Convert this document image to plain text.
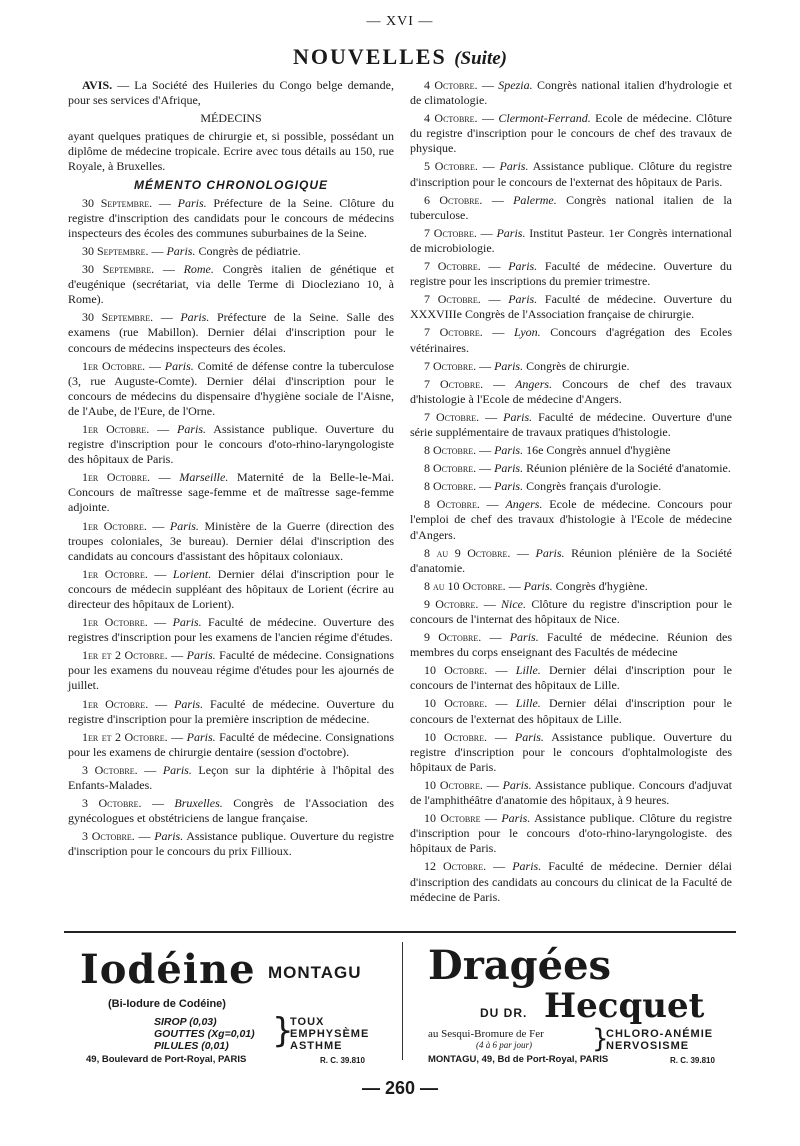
— XVI —
NOUVELLES (Suite)

AVIS. — La Société des Huileries du Congo belge demande, pour ses services d'Afrique,

MÉDECINS

ayant quelques pratiques de chirurgie et, si possible, possédant un diplôme de médecine tropicale. Ecrire avec tous détails au 150, rue Royale, à Bruxelles.

MÉMENTO CHRONOLOGIQUE

30 Septembre. — Paris. Préfecture de la Seine. Clôture du registre d'inscription des candidats pour le concours de médecins inspecteurs des écoles des communes suburbaines de la Seine.

30 Septembre. — Paris. Congrès de pédiatrie.

30 Septembre. — Rome. Congrès italien de génétique et d'eugénique (secrétariat, via delle Terme di Diocleziano 10, à Rome).

30 Septembre. — Paris. Préfecture de la Seine. Salle des examens (rue Mabillon). Dernier délai d'inscription pour le concours de médecins inspecteurs des écoles.

1er Octobre. — Paris. Comité de défense contre la tuberculose (3, rue Auguste-Comte). Dernier délai d'inscription pour le concours de médecins du dispensaire d'hygiène sociale de l'Aisne, de l'Aube, de l'Eure, de l'Orne.

1er Octobre. — Paris. Assistance publique. Ouverture du registre d'inscription pour le concours d'oto-rhino-laryngologiste des hôpitaux de Paris.

1er Octobre. — Marseille. Maternité de la Belle-le-Mai. Concours de maîtresse sage-femme et de maîtresse sage-femme adjointe.

1er Octobre. — Paris. Ministère de la Guerre (direction des troupes coloniales, 3e bureau). Dernier délai d'inscription des candidats au concours d'assistant des hôpitaux coloniaux.

1er Octobre. — Lorient. Dernier délai d'inscription pour le concours de médecin suppléant des hôpitaux de Lorient (écrire au directeur des hôpitaux de Lorient).

1er Octobre. — Paris. Faculté de médecine. Ouverture des registres d'inscription pour les examens de l'ancien régime d'études.

1er et 2 Octobre. — Paris. Faculté de médecine. Consignations pour les examens du nouveau régime d'études pour les ajournés de juillet.

1er Octobre. — Paris. Faculté de médecine. Ouverture du registre d'inscription pour la première inscription de médecine.

1er et 2 Octobre. — Paris. Faculté de médecine. Consignations pour les examens de chirurgie dentaire (session d'octobre).

3 Octobre. — Paris. Leçon sur la diphtérie à l'hôpital des Enfants-Malades.

3 Octobre. — Bruxelles. Congrès de l'Association des gynécologues et obstétriciens de langue française.

3 Octobre. — Paris. Assistance publique. Ouverture du registre d'inscription pour le concours du prix Fillioux.

4 Octobre. — Spezia. Congrès national italien d'hydrologie et de climatologie.

4 Octobre. — Clermont-Ferrand. Ecole de médecine. Clôture du registre d'inscription pour le concours de chef des travaux de physique.

5 Octobre. — Paris. Assistance publique. Clôture du registre d'inscription pour le concours de l'externat des hôpitaux de Paris.

6 Octobre. — Palerme. Congrès national italien de la tuberculose.

7 Octobre. — Paris. Institut Pasteur. 1er Congrès international de microbiologie.

7 Octobre. — Paris. Faculté de médecine. Ouverture du registre pour les inscriptions du premier trimestre.

7 Octobre. — Paris. Faculté de médecine. Ouverture du XXXVIIIe Congrès de l'Association française de chirurgie.

7 Octobre. — Lyon. Concours d'agrégation des Ecoles vétérinaires.

7 Octobre. — Paris. Congrès de chirurgie.

7 Octobre. — Angers. Concours de chef des travaux d'histologie à l'Ecole de médecine d'Angers.

7 Octobre. — Paris. Faculté de médecine. Ouverture d'une série supplémentaire de travaux pratiques d'histologie.

8 Octobre. — Paris. 16e Congrès annuel d'hygiène

8 Octobre. — Paris. Réunion plénière de la Société d'anatomie.

8 Octobre. — Paris. Congrès français d'urologie.

8 Octobre. — Angers. Ecole de médecine. Concours pour l'emploi de chef des travaux d'histologie à l'Ecole de médecine d'Angers.

8 au 9 Octobre. — Paris. Réunion plénière de la Société d'anatomie.

8 au 10 Octobre. — Paris. Congrès d'hygiène.

9 Octobre. — Nice. Clôture du registre d'inscription pour le concours de l'internat des hôpitaux de Nice.

9 Octobre. — Paris. Faculté de médecine. Réunion des membres du corps enseignant des Facultés de médecine

10 Octobre. — Lille. Dernier délai d'inscription pour le concours de l'internat des hôpitaux de Lille.

10 Octobre. — Lille. Dernier délai d'inscription pour le concours de l'externat des hôpitaux de Lille.

10 Octobre. — Paris. Assistance publique. Ouverture du registre d'inscription pour le concours d'ophtalmologiste des hôpitaux de Paris.

10 Octobre. — Paris. Assistance publique. Concours d'adjuvat de l'amphithéâtre d'anatomie des hôpitaux, à 9 heures.

10 Octobre — Paris. Assistance publique. Clôture du registre d'inscription pour le concours d'oto-rhino-laryngologiste. des hôpitaux de Paris.

12 Octobre. — Paris. Faculté de médecine. Dernier délai d'inscription des candidats au concours du clinicat de la Faculté de médecine de Paris.

Iodéine MONTAGU
(Bi-Iodure de Codéine)
SIROP (0,03)
GOUTTES (Xg=0,01)
PILULES (0,01)	}
TOUX
EMPHYSÈME
ASTHME
49, Boulevard de Port-Royal, PARIS	R. C. 39.810
Dragées
DU DR. Hecquet
au Sesqui-Bromure de Fer
(4 à 6 par jour) }
CHLORO-ANÉMIE
NERVOSISME
MONTAGU, 49, Bd de Port-Royal, PARIS	R. C. 39.810
— 260 —
